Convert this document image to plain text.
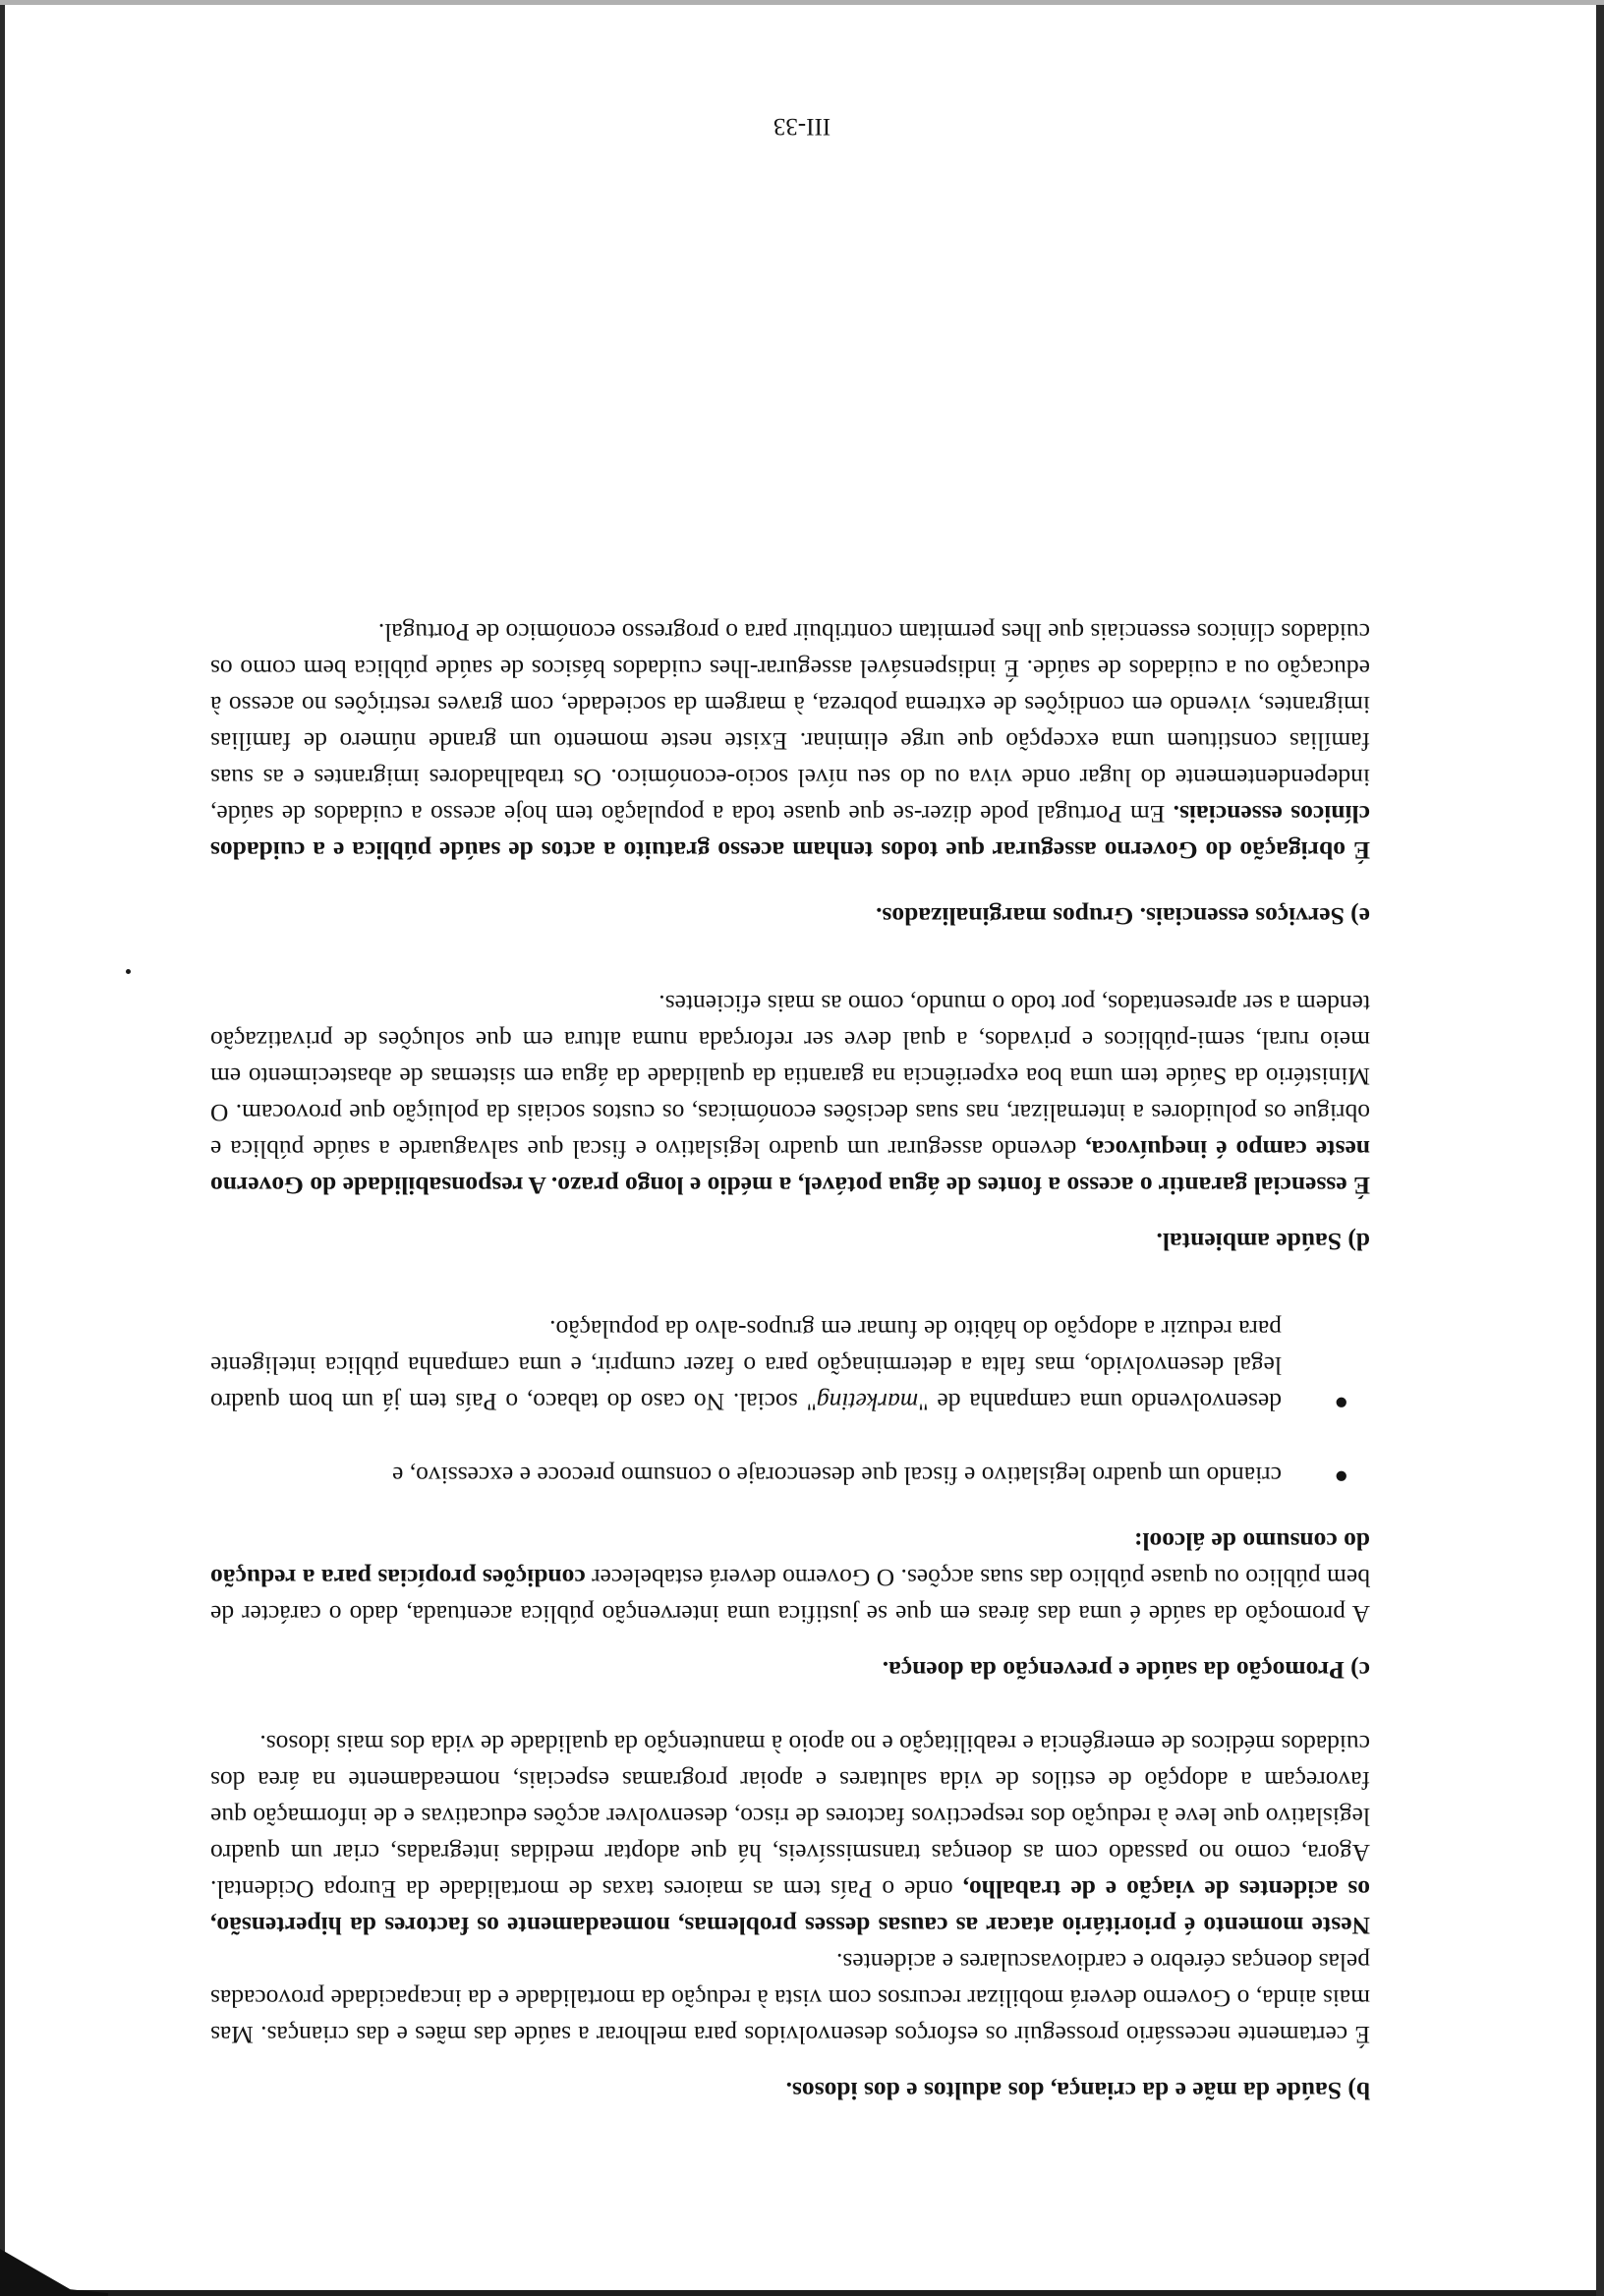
b) Saúde da mãe e da criança, dos adultos e dos idosos.

É certamente necessário prosseguir os esforços desenvolvidos para melhorar a saúde das mães e das crianças. Mas mais ainda, o Governo deverá mobilizar recursos com vista à redução da mortalidade e da incapacidade provocadas pelas doenças cérebro e cardiovasculares e acidentes.

Neste momento é prioritário atacar as causas desses problemas, nomeadamente os factores da hipertensão, os acidentes de viação e de trabalho, onde o País tem as maiores taxas de mortalidade da Europa Ocidental. Agora, como no passado com as doenças transmissíveis, há que adoptar medidas integradas, criar um quadro legislativo que leve à redução dos respectivos factores de risco, desenvolver acções educativas e de informação que favoreçam a adopção de estilos de vida salutares e apoiar programas especiais, nomeadamente na área dos cuidados médicos de emergência e reabilitação e no apoio à manutenção da qualidade de vida dos mais idosos.

c) Promoção da saúde e prevenção da doença.

A promoção da saúde é uma das áreas em que se justifica uma intervenção pública acentuada, dado o carácter de bem público ou quase público das suas acções. O Governo deverá estabelecer condições propícias para a redução do consumo de álcool:

●
criando um quadro legislativo e fiscal que desencoraje o consumo precoce e excessivo, e
●
desenvolvendo uma campanha de "marketing" social. No caso do tabaco, o País tem já um bom quadro legal desenvolvido, mas falta a determinação para o fazer cumprir, e uma campanha pública inteligente para reduzir a adopção do hábito de fumar em grupos-alvo da população.

d) Saúde ambiental.

É essencial garantir o acesso a fontes de água potável, a médio e longo prazo. A responsabilidade do Governo neste campo é inequívoca, devendo assegurar um quadro legislativo e fiscal que salvaguarde a saúde pública e obrigue os poluidores a internalizar, nas suas decisões económicas, os custos sociais da poluição que provocam. O Ministério da Saúde tem uma boa experiência na garantia da qualidade da água em sistemas de abastecimento em meio rural, semi-públicos e privados, a qual deve ser reforçada numa altura em que soluções de privatização tendem a ser apresentados, por todo o mundo, como as mais eficientes.

e) Serviços essenciais. Grupos marginalizados.

É obrigação do Governo assegurar que todos tenham acesso gratuito a actos de saúde pública e a cuidados clínicos essenciais. Em Portugal pode dizer-se que quase toda a população tem hoje acesso a cuidados de saúde, independentemente do lugar onde viva ou do seu nível socio-económico. Os trabalhadores imigrantes e as suas famílias constituem uma excepção que urge eliminar. Existe neste momento um grande número de famílias imigrantes, vivendo em condições de extrema pobreza, à margem da sociedade, com graves restrições no acesso à educação ou a cuidados de saúde. É indispensável assegurar-lhes cuidados básicos de saúde pública bem como os cuidados clínicos essenciais que lhes permitam contribuir para o progresso económico de Portugal.

III-33
